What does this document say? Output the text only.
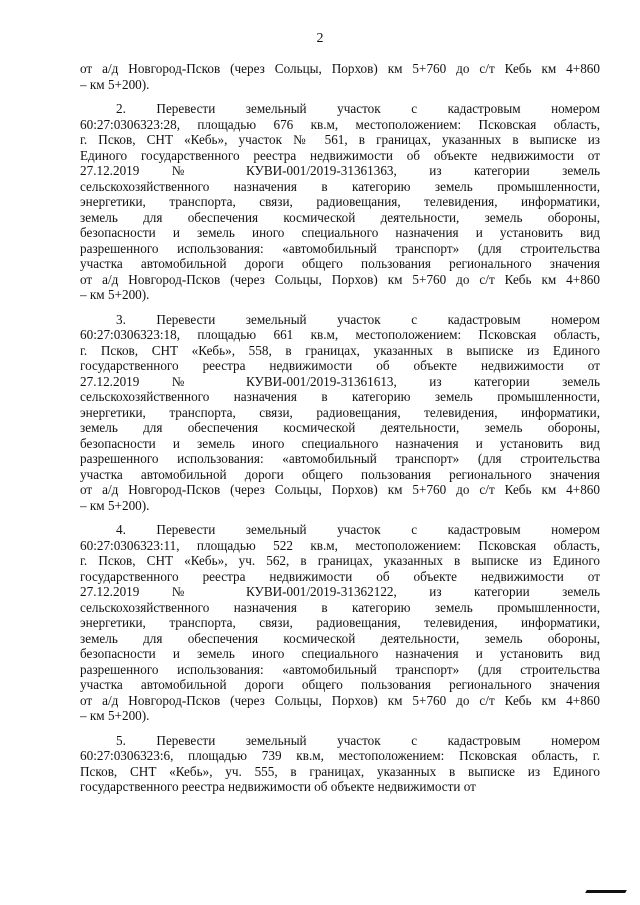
2
от а/д Новгород-Псков (через Сольцы, Порхов) км 5+760 до с/т Кебь км 4+860
– км 5+200).
2. Перевести земельный участок с кадастровым номером
60:27:0306323:28, площадью 676 кв.м, местоположением: Псковская область,
г. Псков, СНТ «Кебь», участок № 561, в границах, указанных в выписке из
Единого государственного реестра недвижимости об объекте недвижимости от
27.12.2019 № КУВИ-001/2019-31361363, из категории земель
сельскохозяйственного назначения в категорию земель промышленности,
энергетики, транспорта, связи, радиовещания, телевидения, информатики,
земель для обеспечения космической деятельности, земель обороны,
безопасности и земель иного специального назначения и установить вид
разрешенного использования: «автомобильный транспорт» (для строительства
участка автомобильной дороги общего пользования регионального значения
от а/д Новгород-Псков (через Сольцы, Порхов) км 5+760 до с/т Кебь км 4+860
– км 5+200).
3. Перевести земельный участок с кадастровым номером
60:27:0306323:18, площадью 661 кв.м, местоположением: Псковская область,
г. Псков, СНТ «Кебь», 558, в границах, указанных в выписке из Единого
государственного реестра недвижимости об объекте недвижимости от
27.12.2019 № КУВИ-001/2019-31361613, из категории земель
сельскохозяйственного назначения в категорию земель промышленности,
энергетики, транспорта, связи, радиовещания, телевидения, информатики,
земель для обеспечения космической деятельности, земель обороны,
безопасности и земель иного специального назначения и установить вид
разрешенного использования: «автомобильный транспорт» (для строительства
участка автомобильной дороги общего пользования регионального значения
от а/д Новгород-Псков (через Сольцы, Порхов) км 5+760 до с/т Кебь км 4+860
– км 5+200).
4. Перевести земельный участок с кадастровым номером
60:27:0306323:11, площадью 522 кв.м, местоположением: Псковская область,
г. Псков, СНТ «Кебь», уч. 562, в границах, указанных в выписке из Единого
государственного реестра недвижимости об объекте недвижимости от
27.12.2019 № КУВИ-001/2019-31362122, из категории земель
сельскохозяйственного назначения в категорию земель промышленности,
энергетики, транспорта, связи, радиовещания, телевидения, информатики,
земель для обеспечения космической деятельности, земель обороны,
безопасности и земель иного специального назначения и установить вид
разрешенного использования: «автомобильный транспорт» (для строительства
участка автомобильной дороги общего пользования регионального значения
от а/д Новгород-Псков (через Сольцы, Порхов) км 5+760 до с/т Кебь км 4+860
– км 5+200).
5. Перевести земельный участок с кадастровым номером
60:27:0306323:6, площадью 739 кв.м, местоположением: Псковская область, г.
Псков, СНТ «Кебь», уч. 555, в границах, указанных в выписке из Единого
государственного реестра недвижимости об объекте недвижимости от
